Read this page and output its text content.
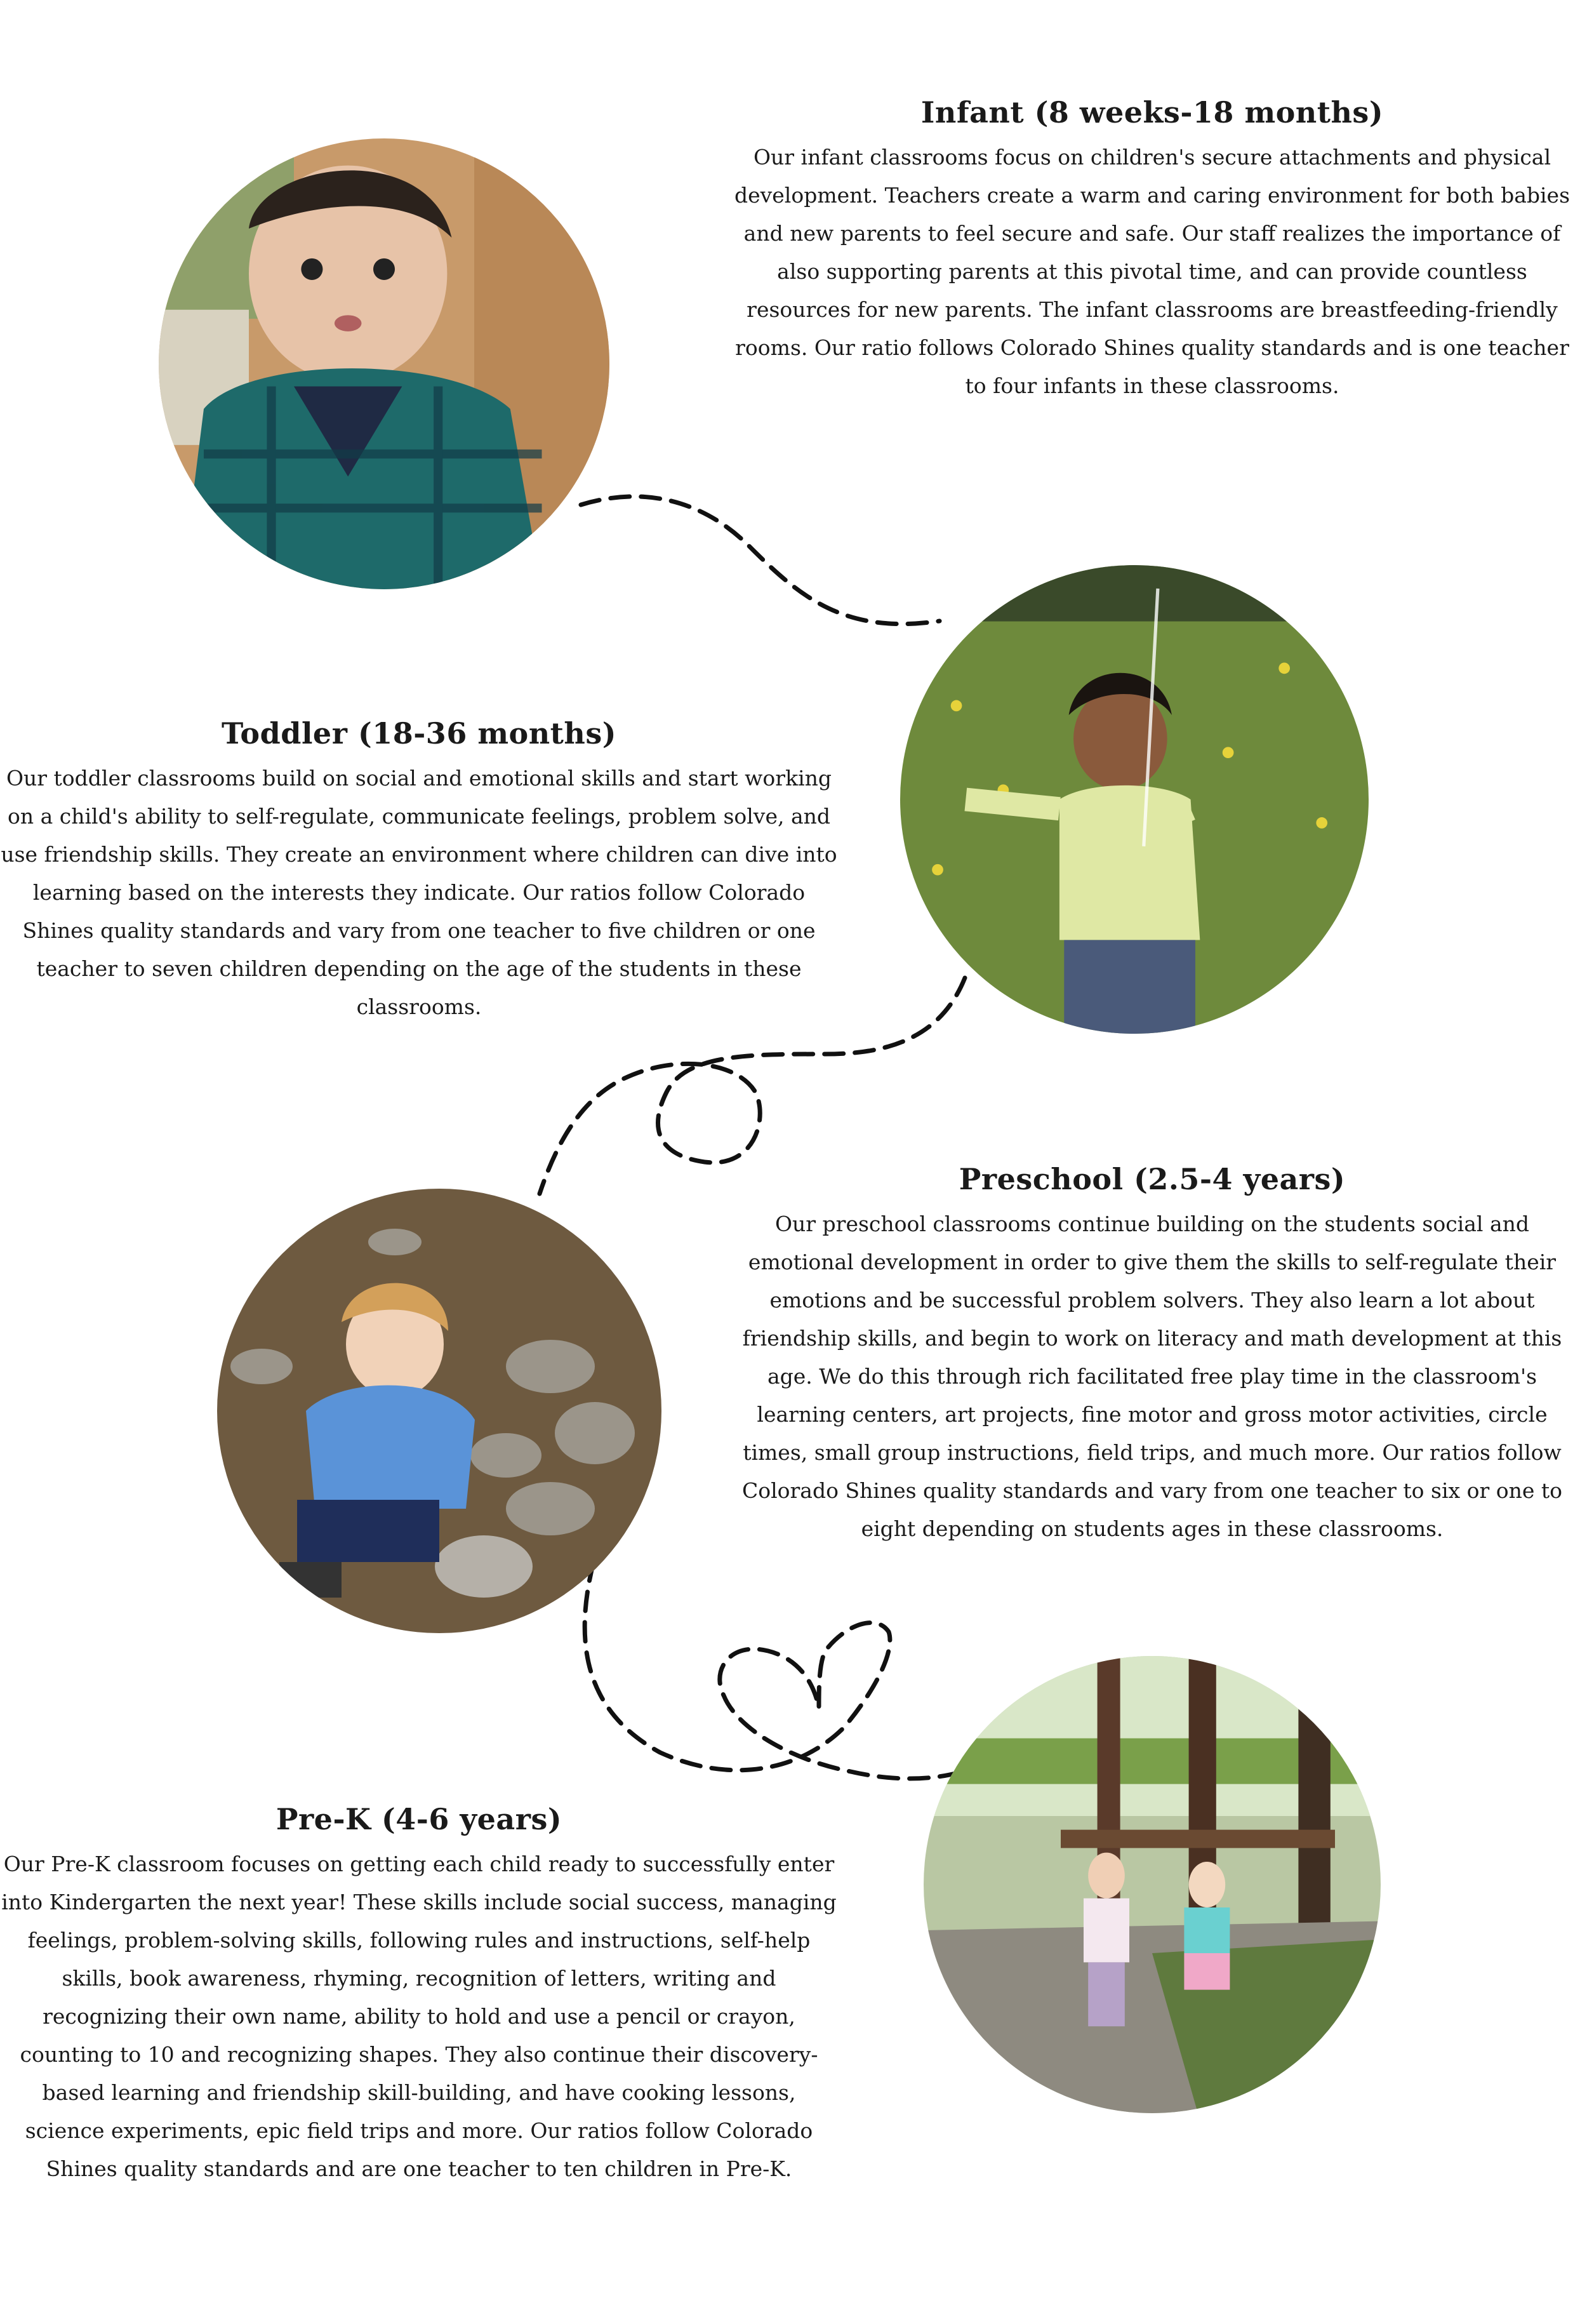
Infant (8 weeks-18 months)

Our infant classrooms focus on children's secure attachments and physical development. Teachers create a warm and caring environment for both babies and new parents to feel secure and safe. Our staff realizes the importance of also supporting parents at this pivotal time, and can provide countless resources for new parents. The infant classrooms are breastfeeding-friendly rooms. Our ratio follows Colorado Shines quality standards and is one teacher to four infants in these classrooms.

Toddler (18-36 months)

Our toddler classrooms build on social and emotional skills and start working on a child's ability to self-regulate, communicate feelings, problem solve, and use friendship skills. They create an environment where children can dive into learning based on the interests they indicate. Our ratios follow Colorado Shines quality standards and vary from one teacher to five children or one teacher to seven children depending on the age of the students in these classrooms.

Preschool (2.5-4 years)

Our preschool classrooms continue building on the students social and emotional development in order to give them the skills to self-regulate their emotions and be successful problem solvers. They also learn a lot about friendship skills, and begin to work on literacy and math development at this age. We do this through rich facilitated free play time in the classroom's learning centers, art projects, fine motor and gross motor activities, circle times, small group instructions, field trips, and much more. Our ratios follow Colorado Shines quality standards and vary from one teacher to six or one to eight depending on students ages in these classrooms.

Pre-K (4-6 years)

Our Pre-K classroom focuses on getting each child ready to successfully enter into Kindergarten the next year! These skills include social success, managing feelings, problem-solving skills, following rules and instructions, self-help skills, book awareness, rhyming, recognition of letters, writing and recognizing their own name, ability to hold and use a pencil or crayon, counting to 10 and recognizing shapes. They also continue their discovery-based learning and friendship skill-building, and have cooking lessons, science experiments, epic field trips and more. Our ratios follow Colorado Shines quality standards and are one teacher to ten children in Pre-K.
